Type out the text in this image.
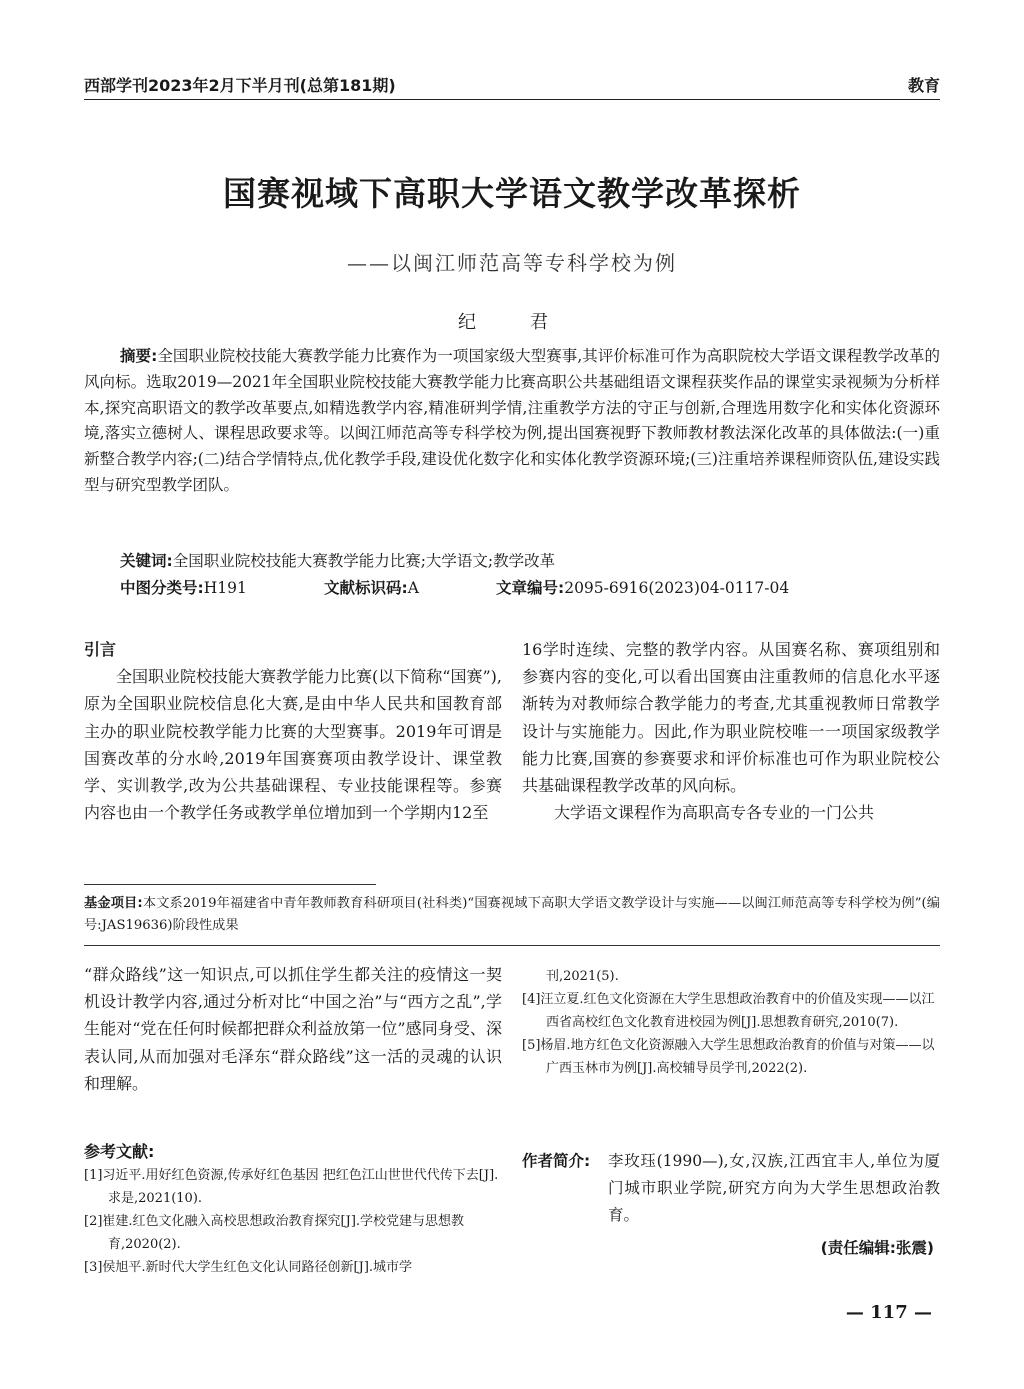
西部学刊2023年2月下半月刊(总第181期)	教育
国赛视域下高职大学语文教学改革探析
——以闽江师范高等专科学校为例
纪　君
摘要:全国职业院校技能大赛教学能力比赛作为一项国家级大型赛事,其评价标准可作为高职院校大学语文课程教学改革的风向标。选取2019—2021年全国职业院校技能大赛教学能力比赛高职公共基础组语文课程获奖作品的课堂实录视频为分析样本,探究高职语文的教学改革要点,如精选教学内容,精准研判学情,注重教学方法的守正与创新,合理选用数字化和实体化资源环境,落实立德树人、课程思政要求等。以闽江师范高等专科学校为例,提出国赛视野下教师教材教法深化改革的具体做法:(一)重新整合教学内容;(二)结合学情特点,优化教学手段,建设优化数字化和实体化教学资源环境;(三)注重培养课程师资队伍,建设实践型与研究型教学团队。
关键词:全国职业院校技能大赛教学能力比赛;大学语文;教学改革
中图分类号:H191	文献标识码:A	文章编号:2095-6916(2023)04-0117-04
引言
全国职业院校技能大赛教学能力比赛(以下简称“国赛”),原为全国职业院校信息化大赛,是由中华人民共和国教育部主办的职业院校教学能力比赛的大型赛事。2019年可谓是国赛改革的分水岭,2019年国赛赛项由教学设计、课堂教学、实训教学,改为公共基础课程、专业技能课程等。参赛内容也由一个教学任务或教学单位增加到一个学期内12至
16学时连续、完整的教学内容。从国赛名称、赛项组别和参赛内容的变化,可以看出国赛由注重教师的信息化水平逐渐转为对教师综合教学能力的考查,尤其重视教师日常教学设计与实施能力。因此,作为职业院校唯一一项国家级教学能力比赛,国赛的参赛要求和评价标准也可作为职业院校公共基础课程教学改革的风向标。
大学语文课程作为高职高专各专业的一门公共
基金项目:本文系2019年福建省中青年教师教育科研项目(社科类)“国赛视域下高职大学语文教学设计与实施——以闽江师范高等专科学校为例”(编号:JAS19636)阶段性成果
“群众路线”这一知识点,可以抓住学生都关注的疫情这一契机设计教学内容,通过分析对比“中国之治”与“西方之乱”,学生能对“党在任何时候都把群众利益放第一位”感同身受、深表认同,从而加强对毛泽东“群众路线”这一活的灵魂的认识和理解。
参考文献:
[1]习近平.用好红色资源,传承好红色基因 把红色江山世世代代传下去[J].求是,2021(10).
[2]崔建.红色文化融入高校思想政治教育探究[J].学校党建与思想教育,2020(2).
[3]侯旭平.新时代大学生红色文化认同路径创新[J].城市学
刊,2021(5).
[4]汪立夏.红色文化资源在大学生思想政治教育中的价值及实现——以江西省高校红色文化教育进校园为例[J].思想教育研究,2010(7).
[5]杨眉.地方红色文化资源融入大学生思想政治教育的价值与对策——以广西玉林市为例[J].高校辅导员学刊,2022(2).
作者简介: 李玫珏(1990—),女,汉族,江西宜丰人,单位为厦门城市职业学院,研究方向为大学生思想政治教育。
(责任编辑:张震)
— 117 —
